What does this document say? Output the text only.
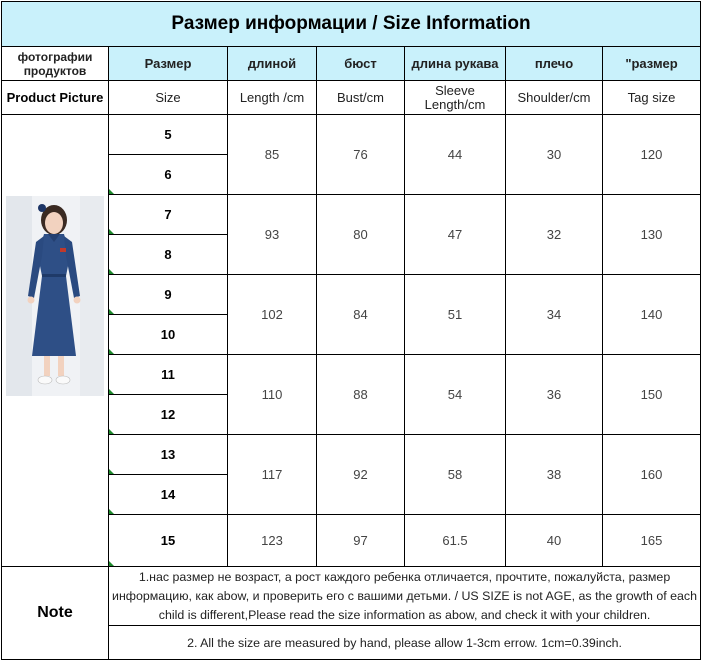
Размер информации / Size Information						
фотографии продуктов	Размер	длиной	бюст	длина рукава	плечо	"размер
Product Picture	Size	Length /cm	Bust/cm	Sleeve Length/cm	Shoulder/cm	Tag size
	5	85	76	44	30	120
	6					
	7	93	80	47	32	130
	8					
	9	102	84	51	34	140
	10					
	11	110	88	54	36	150
	12					
	13	117	92	58	38	160
	14					
	15	123	97	61.5	40	165
Note	1.нас размер не возраст, а рост каждого ребенка отличается, прочтите, пожалуйста, размер информацию, как abow, и проверить его с вашими детьми. / US SIZE is not AGE, as the growth of each child is different,Please read the size information as abow, and check it with your children.					
	2. All the size are measured by hand, please allow 1-3cm errow. 1cm=0.39inch.					
